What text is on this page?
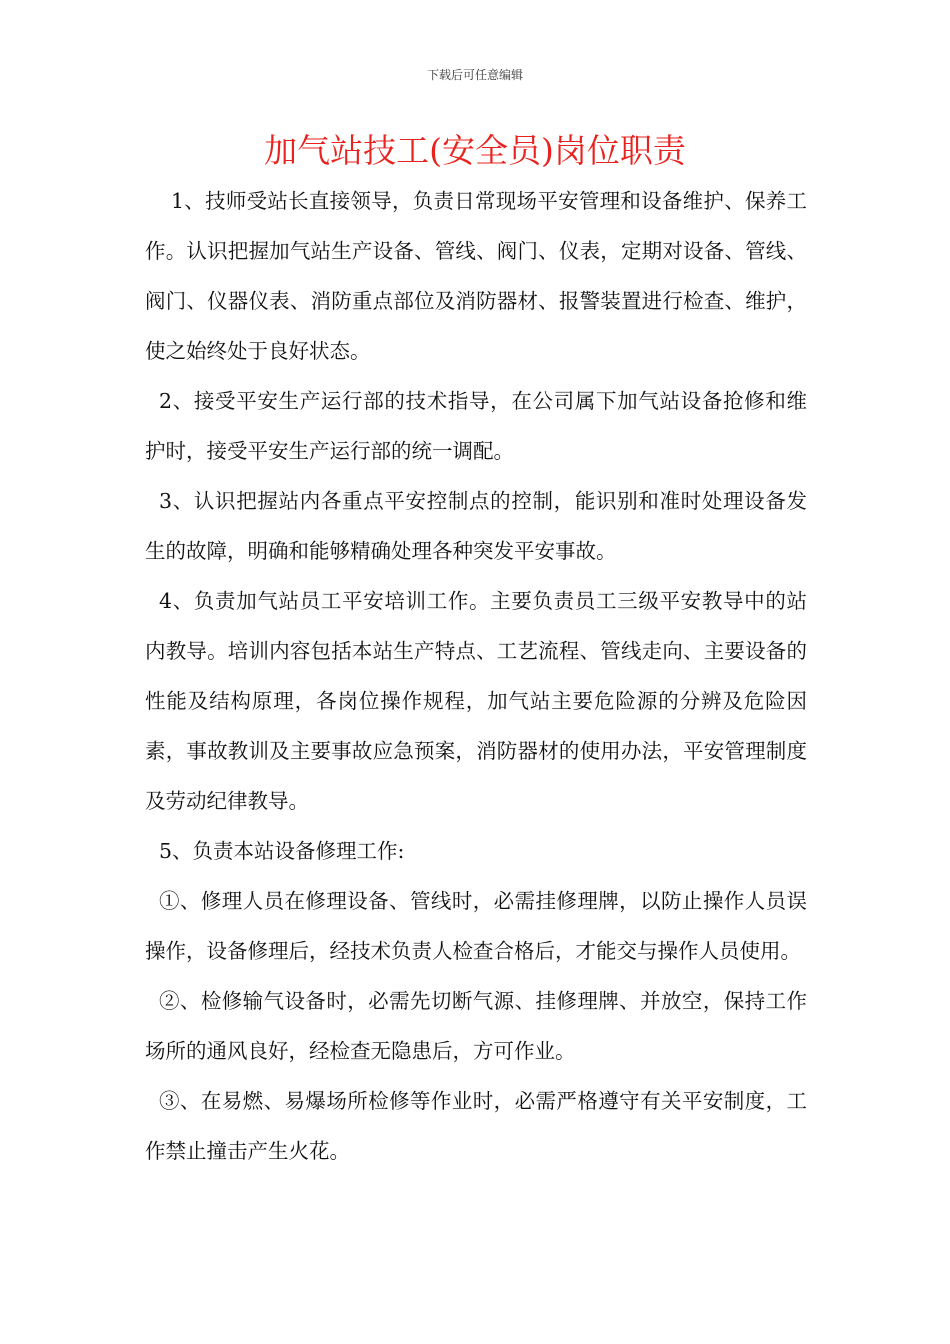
下载后可任意编辑
加气站技工(安全员)岗位职责

1、技师受站长直接领导，负责日常现场平安管理和设备维护、保养工作。认识把握加气站生产设备、管线、阀门、仪表，定期对设备、管线、阀门、仪器仪表、消防重点部位及消防器材、报警装置进行检查、维护，使之始终处于良好状态。

2、接受平安生产运行部的技术指导，在公司属下加气站设备抢修和维护时，接受平安生产运行部的统一调配。

3、认识把握站内各重点平安控制点的控制，能识别和准时处理设备发生的故障，明确和能够精确处理各种突发平安事故。

4、负责加气站员工平安培训工作。主要负责员工三级平安教导中的站内教导。培训内容包括本站生产特点、工艺流程、管线走向、主要设备的性能及结构原理，各岗位操作规程，加气站主要危险源的分辨及危险因素，事故教训及主要事故应急预案，消防器材的使用办法，平安管理制度及劳动纪律教导。

5、负责本站设备修理工作:

①、修理人员在修理设备、管线时，必需挂修理牌，以防止操作人员误操作，设备修理后，经技术负责人检查合格后，才能交与操作人员使用。

②、检修输气设备时，必需先切断气源、挂修理牌、并放空，保持工作场所的通风良好，经检查无隐患后，方可作业。

③、在易燃、易爆场所检修等作业时，必需严格遵守有关平安制度，工作禁止撞击产生火花。
